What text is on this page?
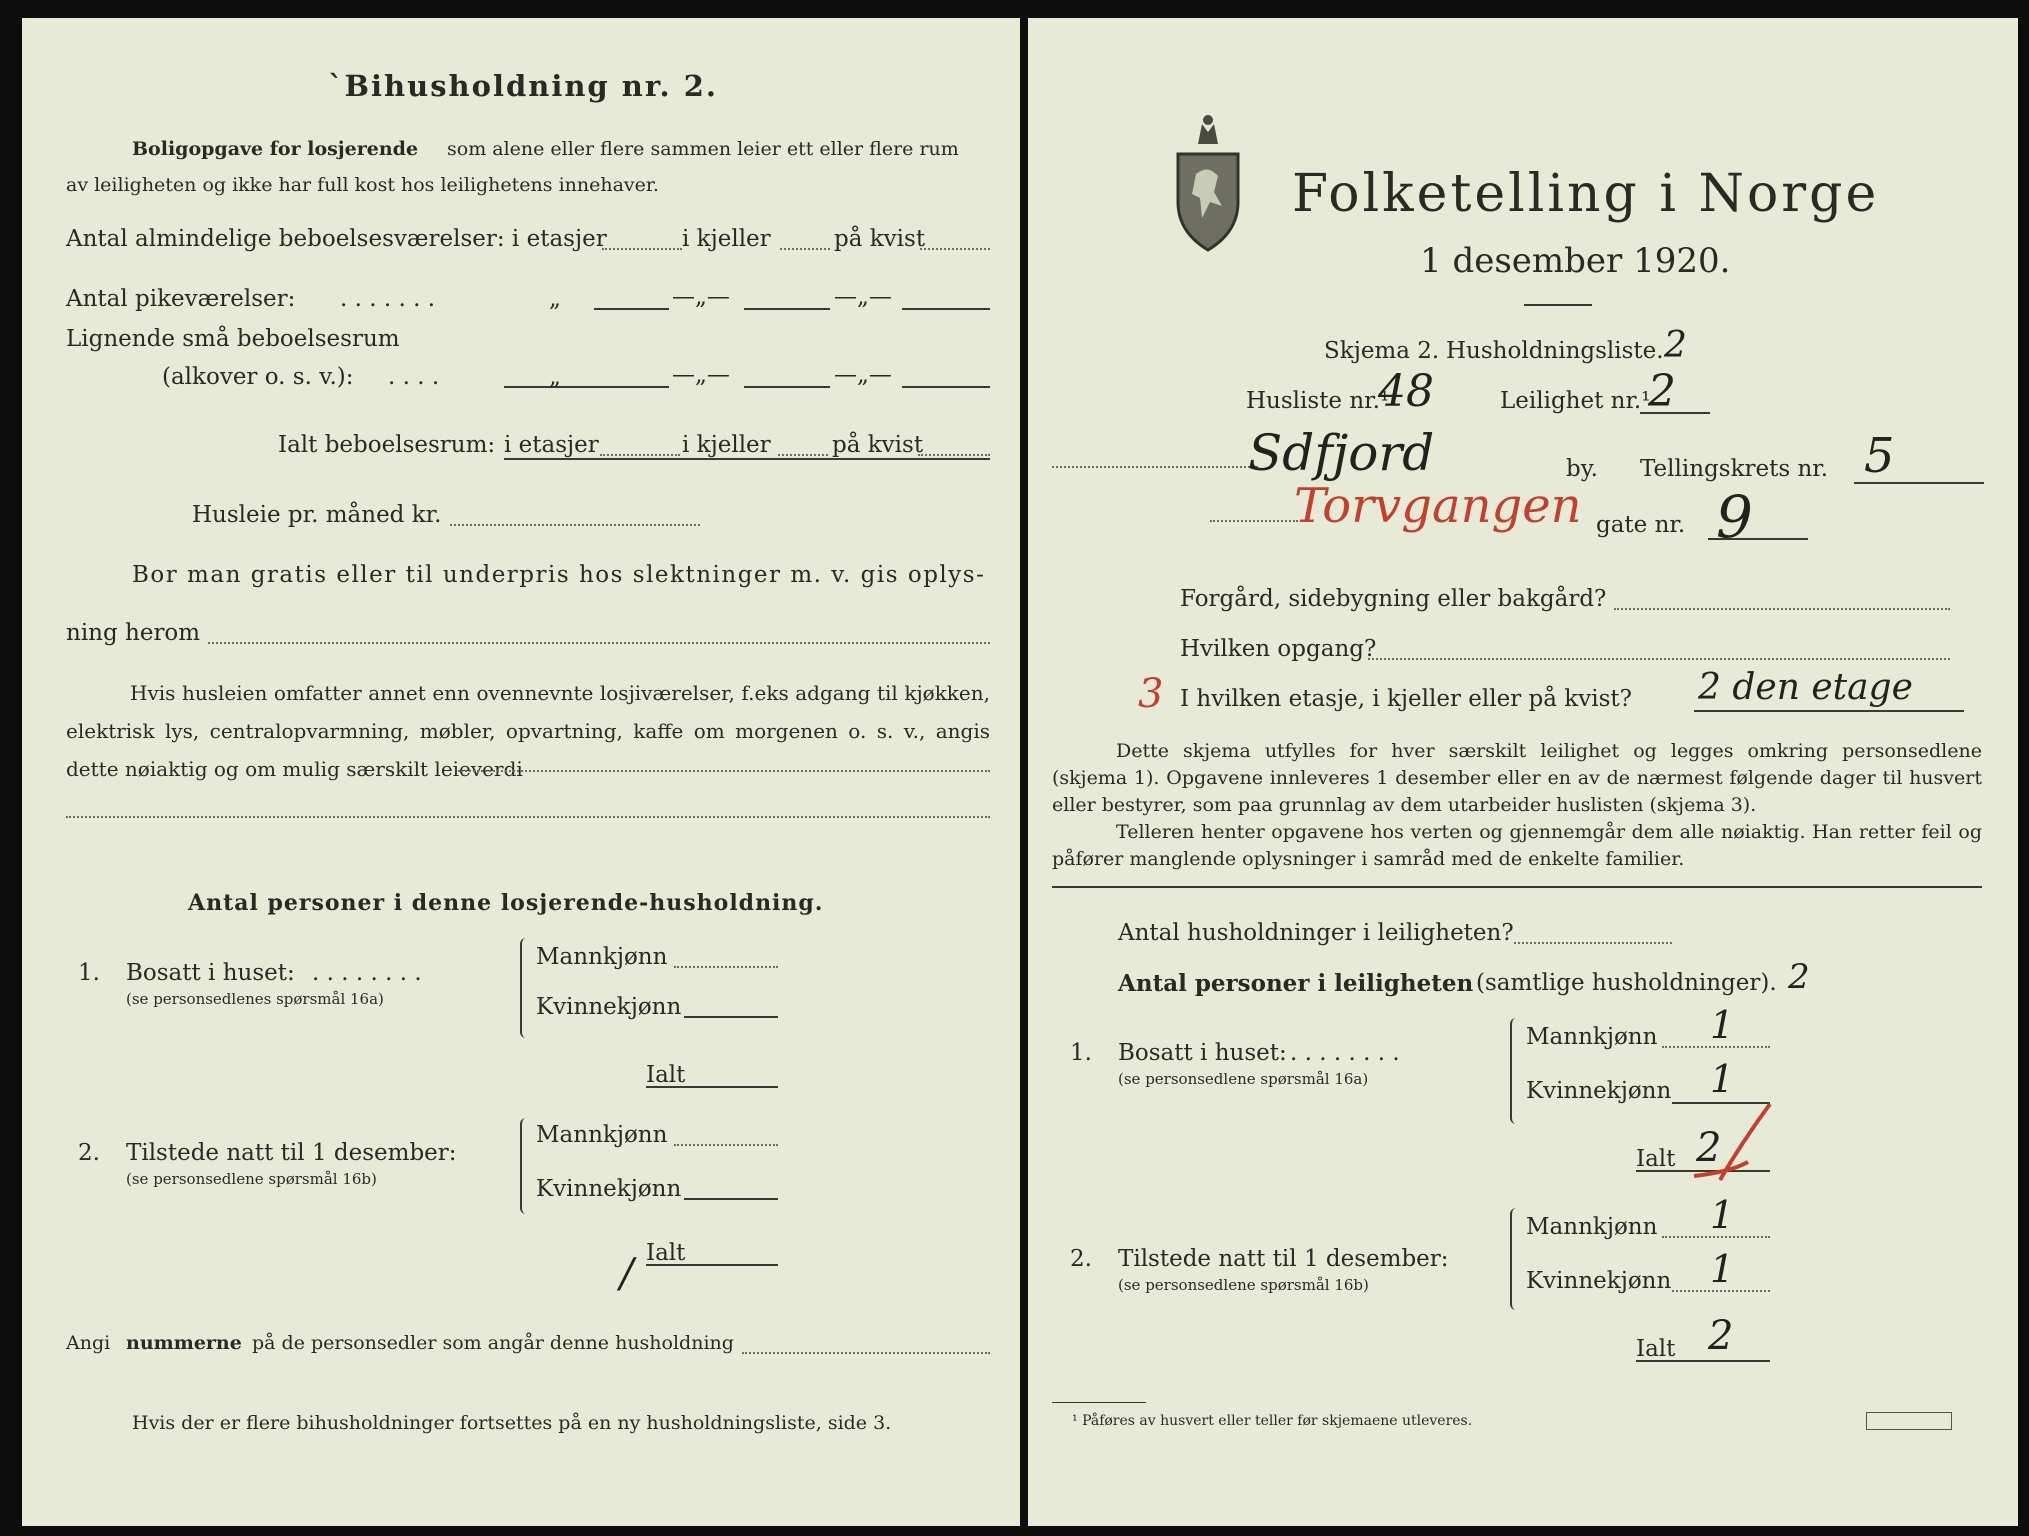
`Bihusholdning nr. 2.
Boligopgave for losjerende som alene eller flere sammen leier ett eller flere rum
av leiligheten og ikke har full kost hos leilighetens innehaver.
Antal almindelige beboelsesværelser: i etasjer	i kjeller	på kvist
Antal pikeværelser: . . . . . . .	„	—„—	—„—
Lignende små beboelsesrum
(alkover o. s. v.): . . . .	„	—„—	—„—
Ialt beboelsesrum: i etasjer	i kjeller	på kvist
Husleie pr. måned kr.
Bor man gratis eller til underpris hos slektninger m. v. gis oplys-
ning herom
Hvis husleien omfatter annet enn ovennevnte losjiværelser, f.eks adgang til kjøkken, elektrisk lys, centralopvarmning, møbler, opvartning, kaffe om morgenen o. s. v., angis dette nøiaktig og om mulig særskilt leieverdi
Antal personer i denne losjerende-husholdning.
1. Bosatt i huset: . . . . . . . .
(se personsedlenes spørsmål 16a)
Mannkjønn
Kvinnekjønn
Ialt
2. Tilstede natt til 1 desember:
(se personsedlene spørsmål 16b)
Mannkjønn
Kvinnekjønn
Ialt
/
Angi nummerne på de personsedler som angår denne husholdning
Hvis der er flere bihusholdninger fortsettes på en ny husholdningsliste, side 3.
Folketelling i Norge
1 desember 1920.
Skjema 2. Husholdningsliste. 2
Husliste nr.¹
48	Leilighet nr.¹
2
Sdfjord	by. Tellingskrets nr. 5
Torvgangen gate nr. 9
Forgård, sidebygning eller bakgård?
Hvilken opgang?
3 I hvilken etasje, i kjeller eller på kvist? 2 den etage
Dette skjema utfylles for hver særskilt leilighet og legges omkring personsedlene (skjema 1). Opgavene innleveres 1 desember eller en av de nærmest følgende dager til husvert eller bestyrer, som paa grunnlag av dem utarbeider huslisten (skjema 3).
Telleren henter opgavene hos verten og gjennemgår dem alle nøiaktig. Han retter feil og påfører manglende oplysninger i samråd med de enkelte familier.
Antal husholdninger i leiligheten?
Antal personer i leiligheten (samtlige husholdninger). 2
1. Bosatt i huset: . . . . . . . .
(se personsedlene spørsmål 16a)
Mannkjønn 1
Kvinnekjønn 1
Ialt 2
2. Tilstede natt til 1 desember:
(se personsedlene spørsmål 16b)
Mannkjønn 1
Kvinnekjønn 1
Ialt 2
¹ Påføres av husvert eller teller før skjemaene utleveres.
